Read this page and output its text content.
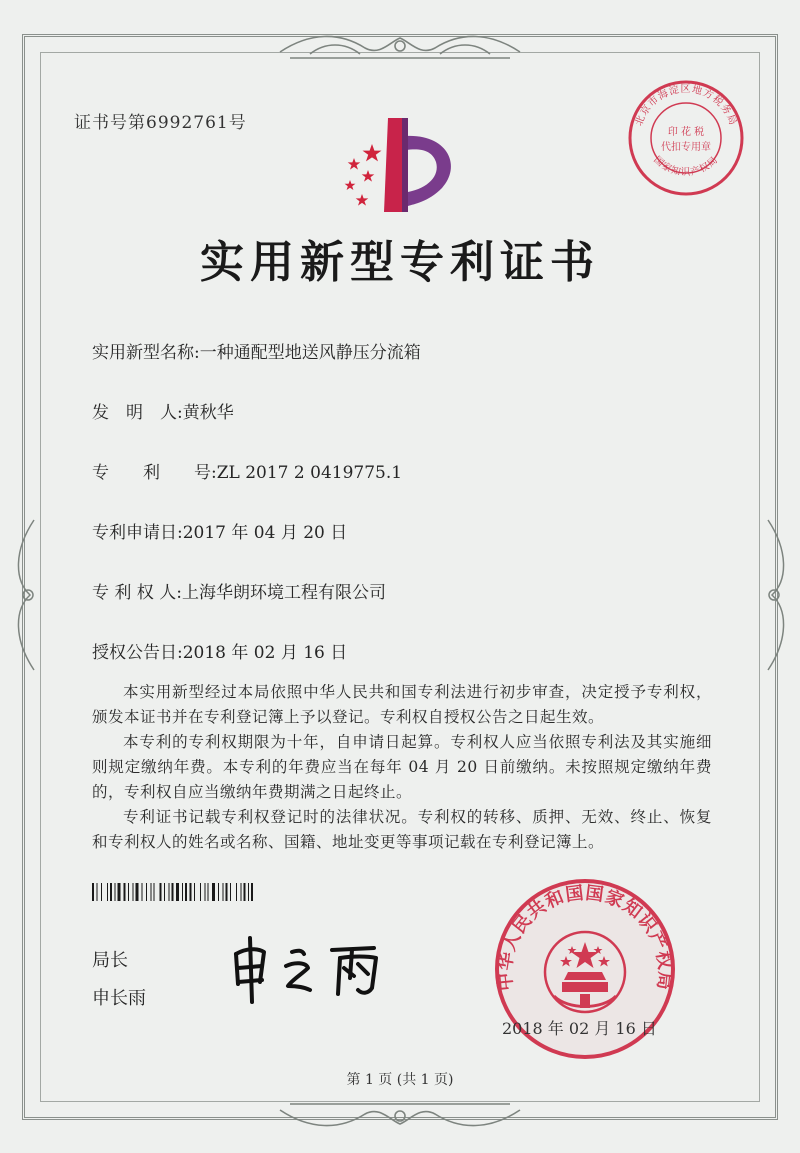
证书号第6992761号	北京市海淀区地方税务局
国家知识产权局
印 花 税
代扣专用章
实用新型专利证书
实用新型名称:一种通配型地送风静压分流箱
发　明　人:黄秋华
专　　利　　号:ZL 2017 2 0419775.1
专利申请日:2017 年 04 月 20 日
专 利 权 人:上海华朗环境工程有限公司
授权公告日:2018 年 02 月 16 日
本实用新型经过本局依照中华人民共和国专利法进行初步审查，决定授予专利权，颁发本证书并在专利登记簿上予以登记。专利权自授权公告之日起生效。
本专利的专利权期限为十年，自申请日起算。专利权人应当依照专利法及其实施细则规定缴纳年费。本专利的年费应当在每年 04 月 20 日前缴纳。未按照规定缴纳年费的，专利权自应当缴纳年费期满之日起终止。
专利证书记载专利权登记时的法律状况。专利权的转移、质押、无效、终止、恢复和专利权人的姓名或名称、国籍、地址变更等事项记载在专利登记簿上。
局长
申长雨
中华人民共和国国家知识产权局
2018 年 02 月 16 日
第 1 页 (共 1 页)
